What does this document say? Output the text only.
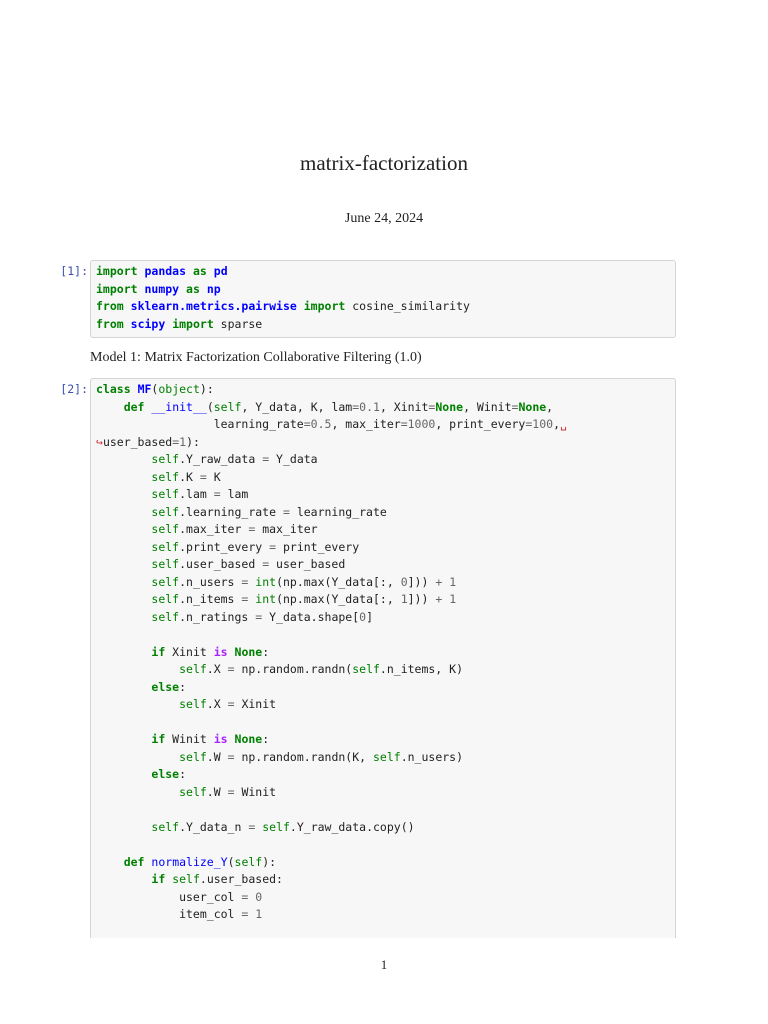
matrix-factorization
June 24, 2024
[1]: import pandas as pd
import numpy as np
from sklearn.metrics.pairwise import cosine_similarity
from scipy import sparse
Model 1: Matrix Factorization Collaborative Filtering (1.0)
[2]: class MF(object):
def __init__(self, Y_data, K, lam=0.1, Xinit=None, Winit=None,
learning_rate=0.5, max_iter=1000, print_every=100,␣
↪user_based=1):
self.Y_raw_data = Y_data
self.K = K
self.lam = lam
self.learning_rate = learning_rate
self.max_iter = max_iter
self.print_every = print_every
self.user_based = user_based
self.n_users = int(np.max(Y_data[:, 0])) + 1
self.n_items = int(np.max(Y_data[:, 1])) + 1
self.n_ratings = Y_data.shape[0]

if Xinit is None:
self.X = np.random.randn(self.n_items, K)
else:
self.X = Xinit

if Winit is None:
self.W = np.random.randn(K, self.n_users)
else:
self.W = Winit

self.Y_data_n = self.Y_raw_data.copy()

def normalize_Y(self):
if self.user_based:
user_col = 0
item_col = 1
1
